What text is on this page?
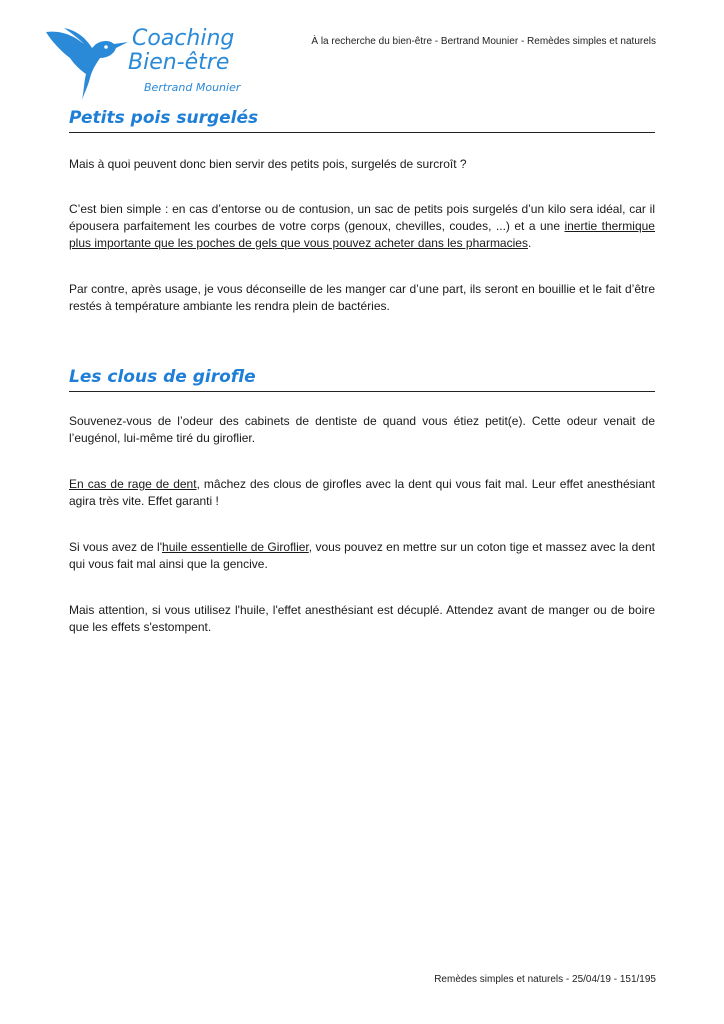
Coaching
Bien-être
Bertrand Mounier
À la recherche du bien-être - Bertrand Mounier - Remèdes simples et naturels
Petits pois surgelés

Mais à quoi peuvent donc bien servir des petits pois, surgelés de surcroît ?

C’est bien simple : en cas d’entorse ou de contusion, un sac de petits pois surgelés d’un kilo sera idéal, car il épousera parfaitement les courbes de votre corps (genoux, chevilles, coudes, ...) et a une inertie thermique plus importante que les poches de gels que vous pouvez acheter dans les pharmacies.

Par contre, après usage, je vous déconseille de les manger car d’une part, ils seront en bouillie et le fait d’être restés à température ambiante les rendra plein de bactéries.

Les clous de girofle

Souvenez-vous de l’odeur des cabinets de dentiste de quand vous étiez petit(e). Cette odeur venait de l’eugénol, lui-même tiré du giroflier.

En cas de rage de dent, mâchez des clous de girofles avec la dent qui vous fait mal. Leur effet anesthésiant agira très vite. Effet garanti !

Si vous avez de l'huile essentielle de Giroflier, vous pouvez en mettre sur un coton tige et massez avec la dent qui vous fait mal ainsi que la gencive.

Mais attention, si vous utilisez l'huile, l'effet anesthésiant est décuplé. Attendez avant de manger ou de boire que les effets s'estompent.

Remèdes simples et naturels - 25/04/19 - 151/195
